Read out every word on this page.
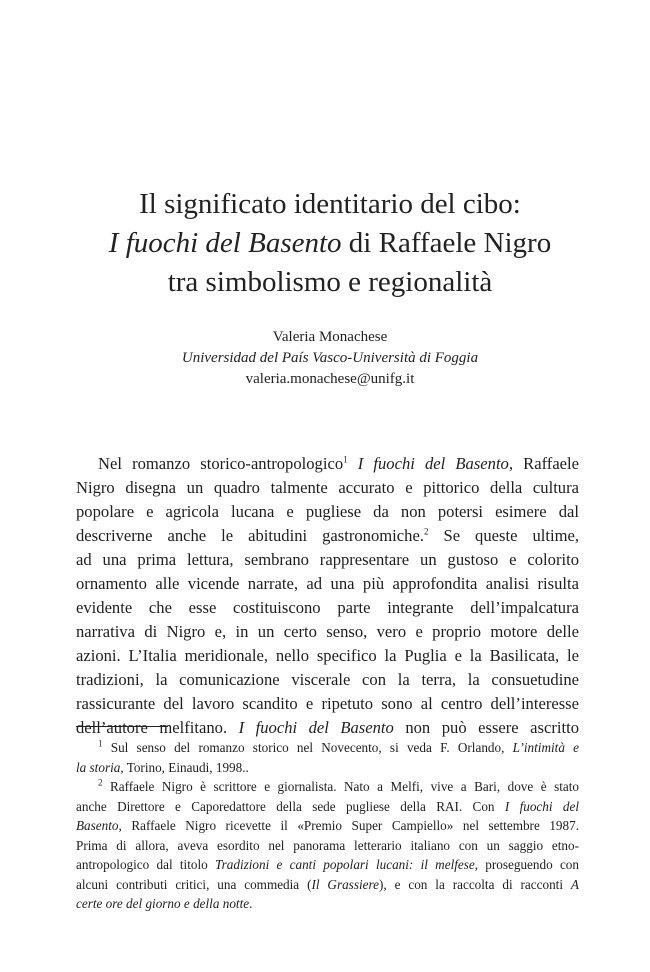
Il significato identitario del cibo:
I fuochi del Basento di Raffaele Nigro
tra simbolismo e regionalità
Valeria Monachese
Universidad del País Vasco-Università di Foggia
valeria.monachese@unifg.it
Nel romanzo storico-antropologico$^1$ I fuochi del Basento, Raffaele
Nigro disegna un quadro talmente accurato e pittorico della cultura
popolare e agricola lucana e pugliese da non potersi esimere dal
descriverne anche le abitudini gastronomiche.$^2$ Se queste ultime,
ad una prima lettura, sembrano rappresentare un gustoso e colorito
ornamento alle vicende narrate, ad una più approfondita analisi risulta
evidente che esse costituiscono parte integrante dell’impalcatura
narrativa di Nigro e, in un certo senso, vero e proprio motore delle
azioni. L’Italia meridionale, nello specifico la Puglia e la Basilicata, le
tradizioni, la comunicazione viscerale con la terra, la consuetudine
rassicurante del lavoro scandito e ripetuto sono al centro dell’interesse
dell’autore melfitano. I fuochi del Basento non può essere ascritto
$^1$ Sul senso del romanzo storico nel Novecento, si veda F. Orlando, L’intimità e
la storia, Torino, Einaudi, 1998..
$^2$ Raffaele Nigro è scrittore e giornalista. Nato a Melfi, vive a Bari, dove è stato
anche Direttore e Caporedattore della sede pugliese della RAI. Con I fuochi del
Basento, Raffaele Nigro ricevette il «Premio Super Campiello» nel settembre 1987.
Prima di allora, aveva esordito nel panorama letterario italiano con un saggio etno-
antropologico dal titolo Tradizioni e canti popolari lucani: il melfese, proseguendo con
alcuni contributi critici, una commedia (Il Grassiere), e con la raccolta di racconti A
certe ore del giorno e della notte.
